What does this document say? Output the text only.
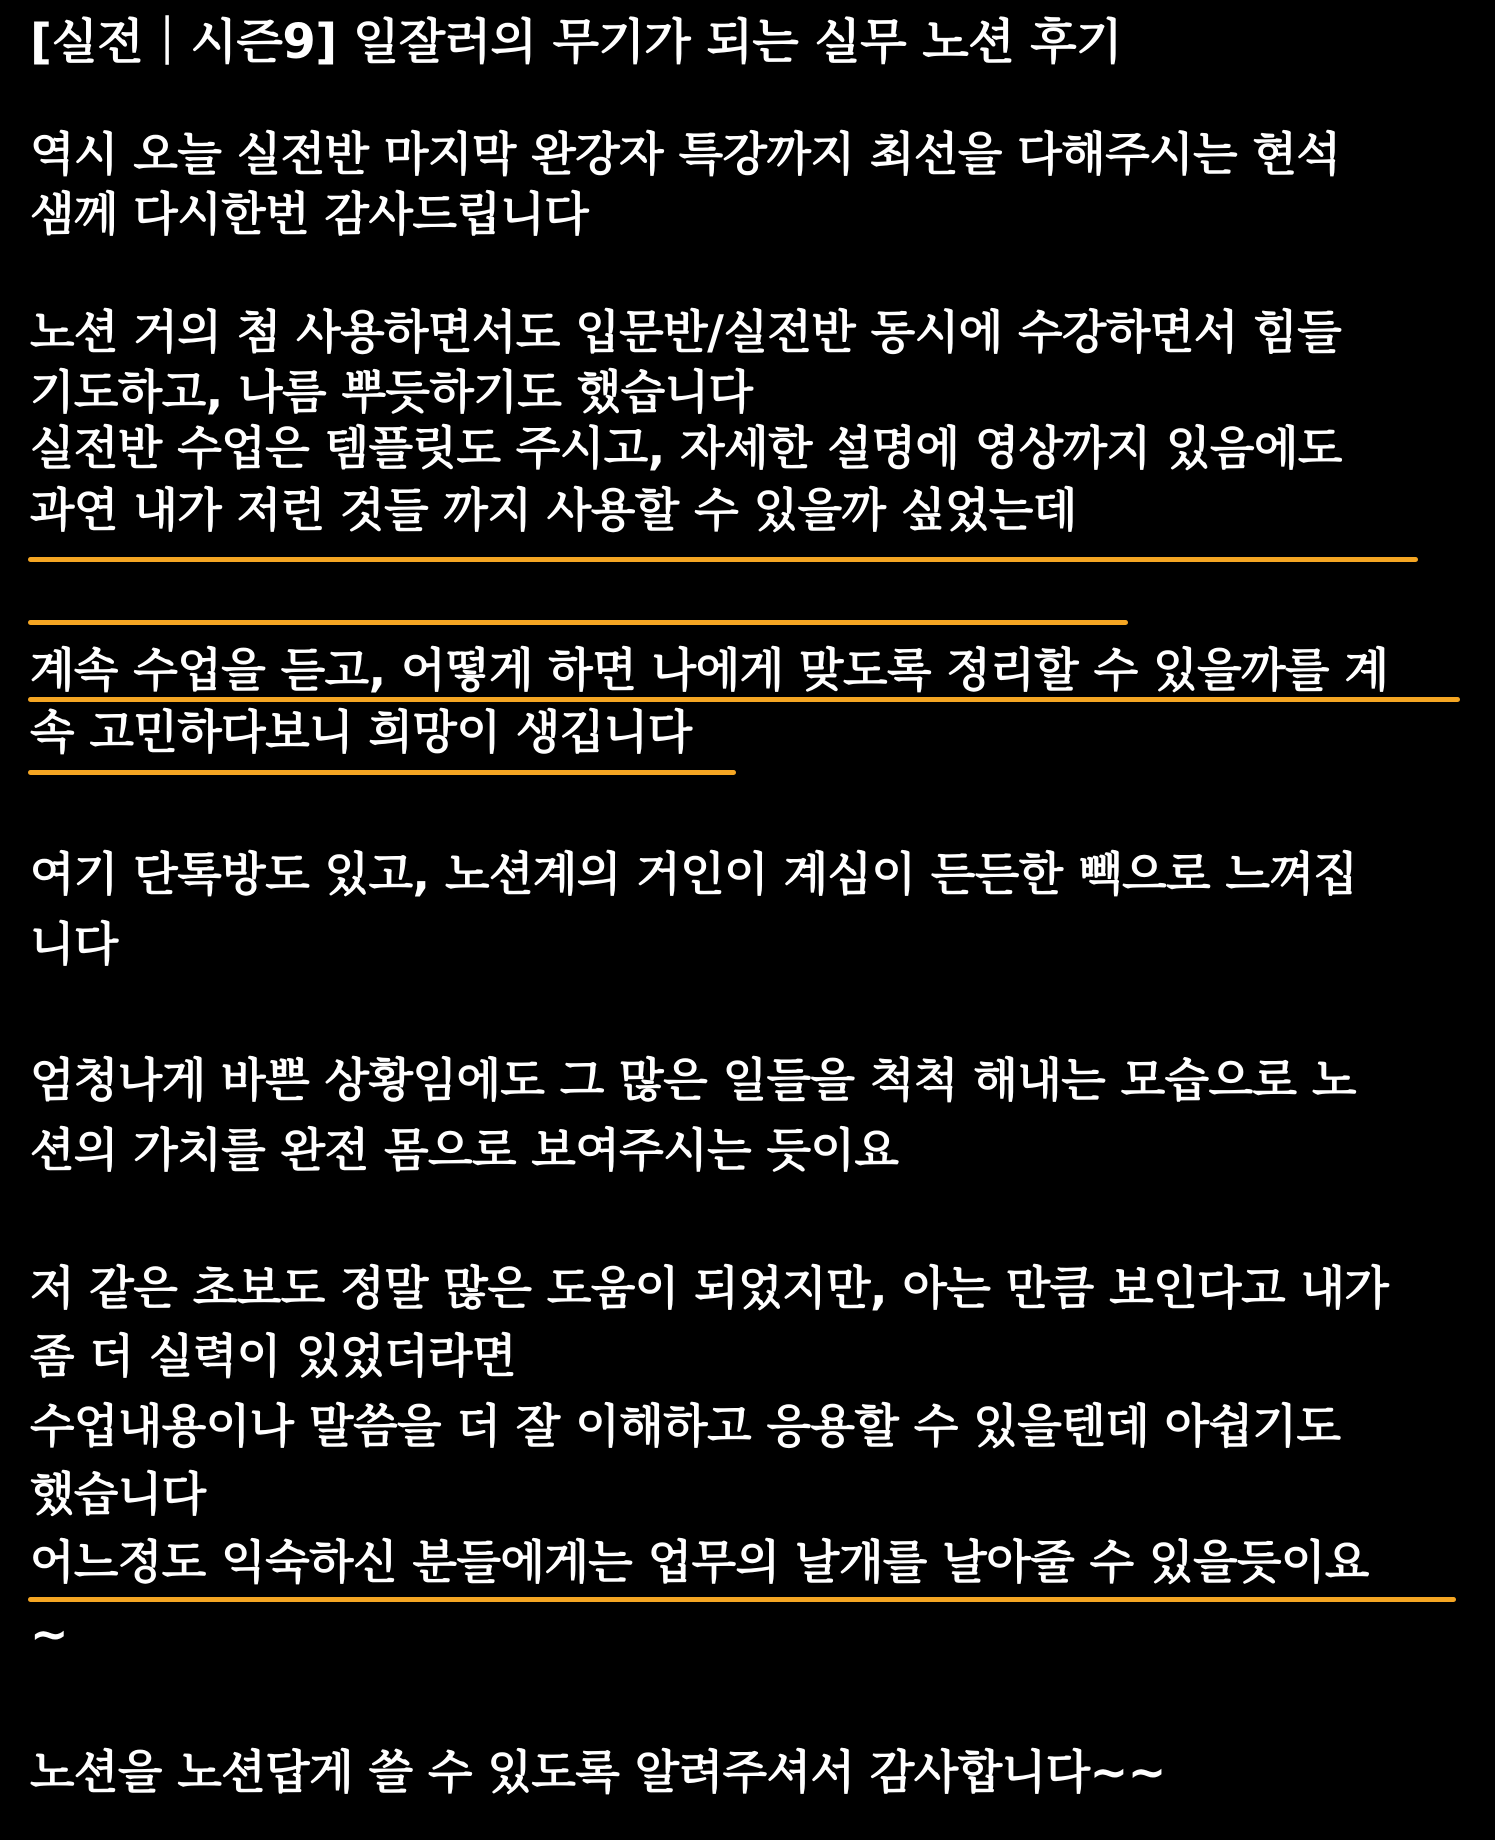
[실전｜시즌9] 일잘러의 무기가 되는 실무 노션 후기
역시 오늘 실전반 마지막 완강자 특강까지 최선을 다해주시는 현석
샘께 다시한번 감사드립니다
노션 거의 첨 사용하면서도 입문반/실전반 동시에 수강하면서 힘들
기도하고, 나름 뿌듯하기도 했습니다
실전반 수업은 템플릿도 주시고, 자세한 설명에 영상까지 있음에도
과연 내가 저런 것들 까지 사용할 수 있을까 싶었는데
계속 수업을 듣고, 어떻게 하면 나에게 맞도록 정리할 수 있을까를 계
속 고민하다보니 희망이 생깁니다
여기 단톡방도 있고, 노션계의 거인이 계심이 든든한 빽으로 느껴집
니다
엄청나게 바쁜 상황임에도 그 많은 일들을 척척 해내는 모습으로 노
션의 가치를 완전 몸으로 보여주시는 듯이요
저 같은 초보도 정말 많은 도움이 되었지만, 아는 만큼 보인다고 내가
좀 더 실력이 있었더라면
수업내용이나 말씀을 더 잘 이해하고 응용할 수 있을텐데 아쉽기도
했습니다
어느정도 익숙하신 분들에게는 업무의 날개를 날아줄 수 있을듯이요
~
노션을 노션답게 쓸 수 있도록 알려주셔서 감사합니다~~
